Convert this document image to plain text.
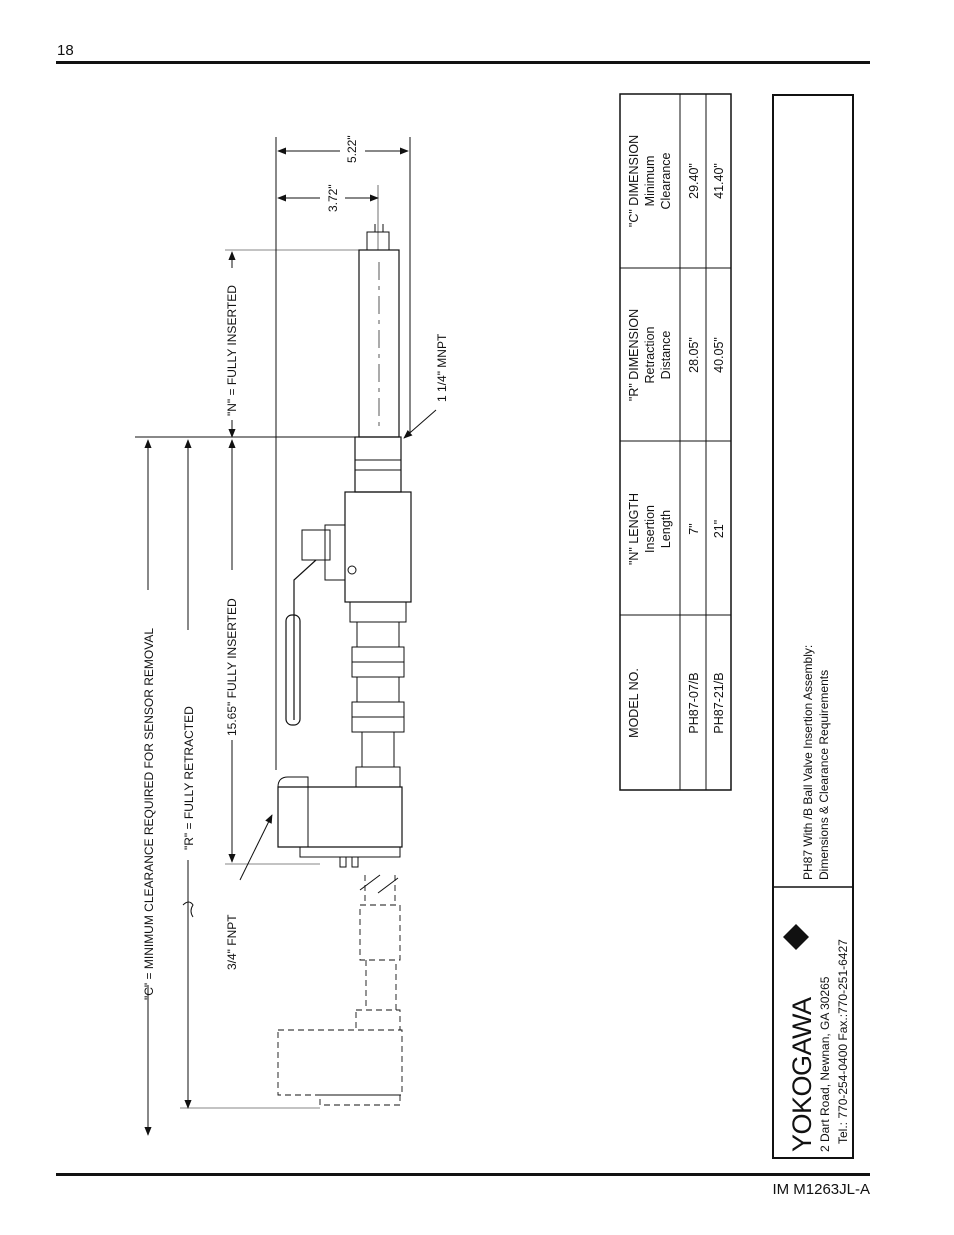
18
IM M1263JL-A
"C" = MINIMUM CLEARANCE REQUIRED FOR SENSOR REMOVAL "R" = FULLY RETRACTED
15.65" FULLY INSERTED
"N" = FULLY INSERTED
5.22"
3.72"
1 1/4" MNPT
3/4" FNPT
MODEL NO.
"N" LENGTH Insertion Length
"R" DIMENSION Retraction Distance
"C" DIMENSION Minimum Clearance
PH87-07/B
7"
28.05"
29.40"
PH87-21/B
21"
40.05"
41.40"
YOKOGAWA 2 Dart Road, Newnan, GA 30265 Tel.: 770-254-0400 Fax.:770-251-6427
PH87 With /B Ball Valve Insertion Assembly: Dimensions & Clearance Requirements
